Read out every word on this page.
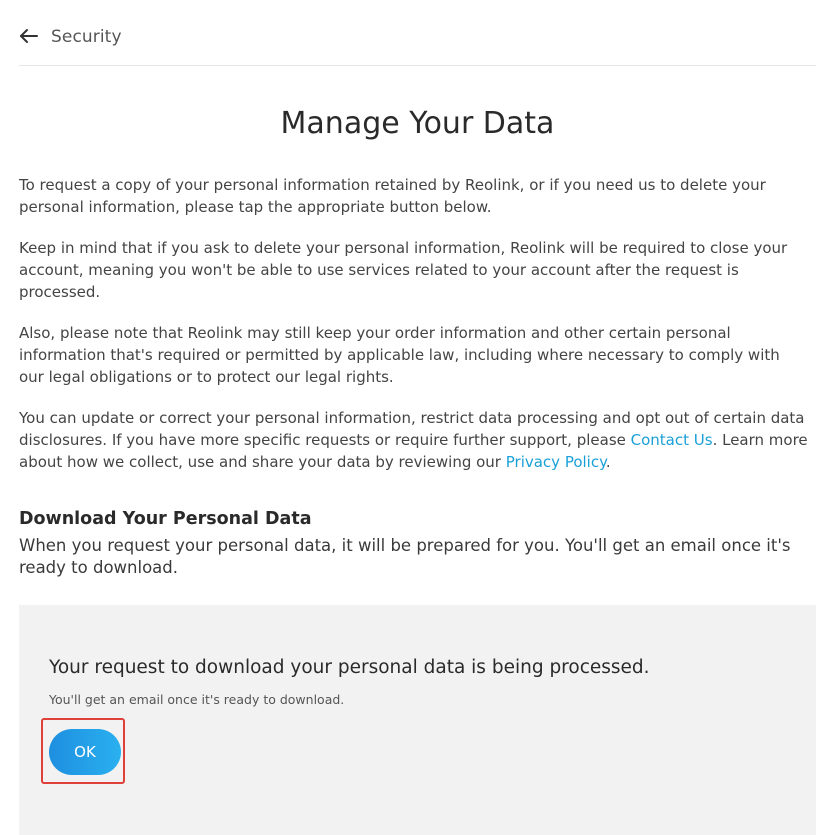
Security
Manage Your Data

To request a copy of your personal information retained by Reolink, or if you need us to delete your personal information, please tap the appropriate button below.

Keep in mind that if you ask to delete your personal information, Reolink will be required to close your account, meaning you won't be able to use services related to your account after the request is processed.

Also, please note that Reolink may still keep your order information and other certain personal information that's required or permitted by applicable law, including where necessary to comply with our legal obligations or to protect our legal rights.

You can update or correct your personal information, restrict data processing and opt out of certain data disclosures. If you have more specific requests or require further support, please Contact Us. Learn more about how we collect, use and share your data by reviewing our Privacy Policy.

Download Your Personal Data

When you request your personal data, it will be prepared for you. You'll get an email once it's ready to download.

Your request to download your personal data is being processed.
You'll get an email once it's ready to download.
OK
